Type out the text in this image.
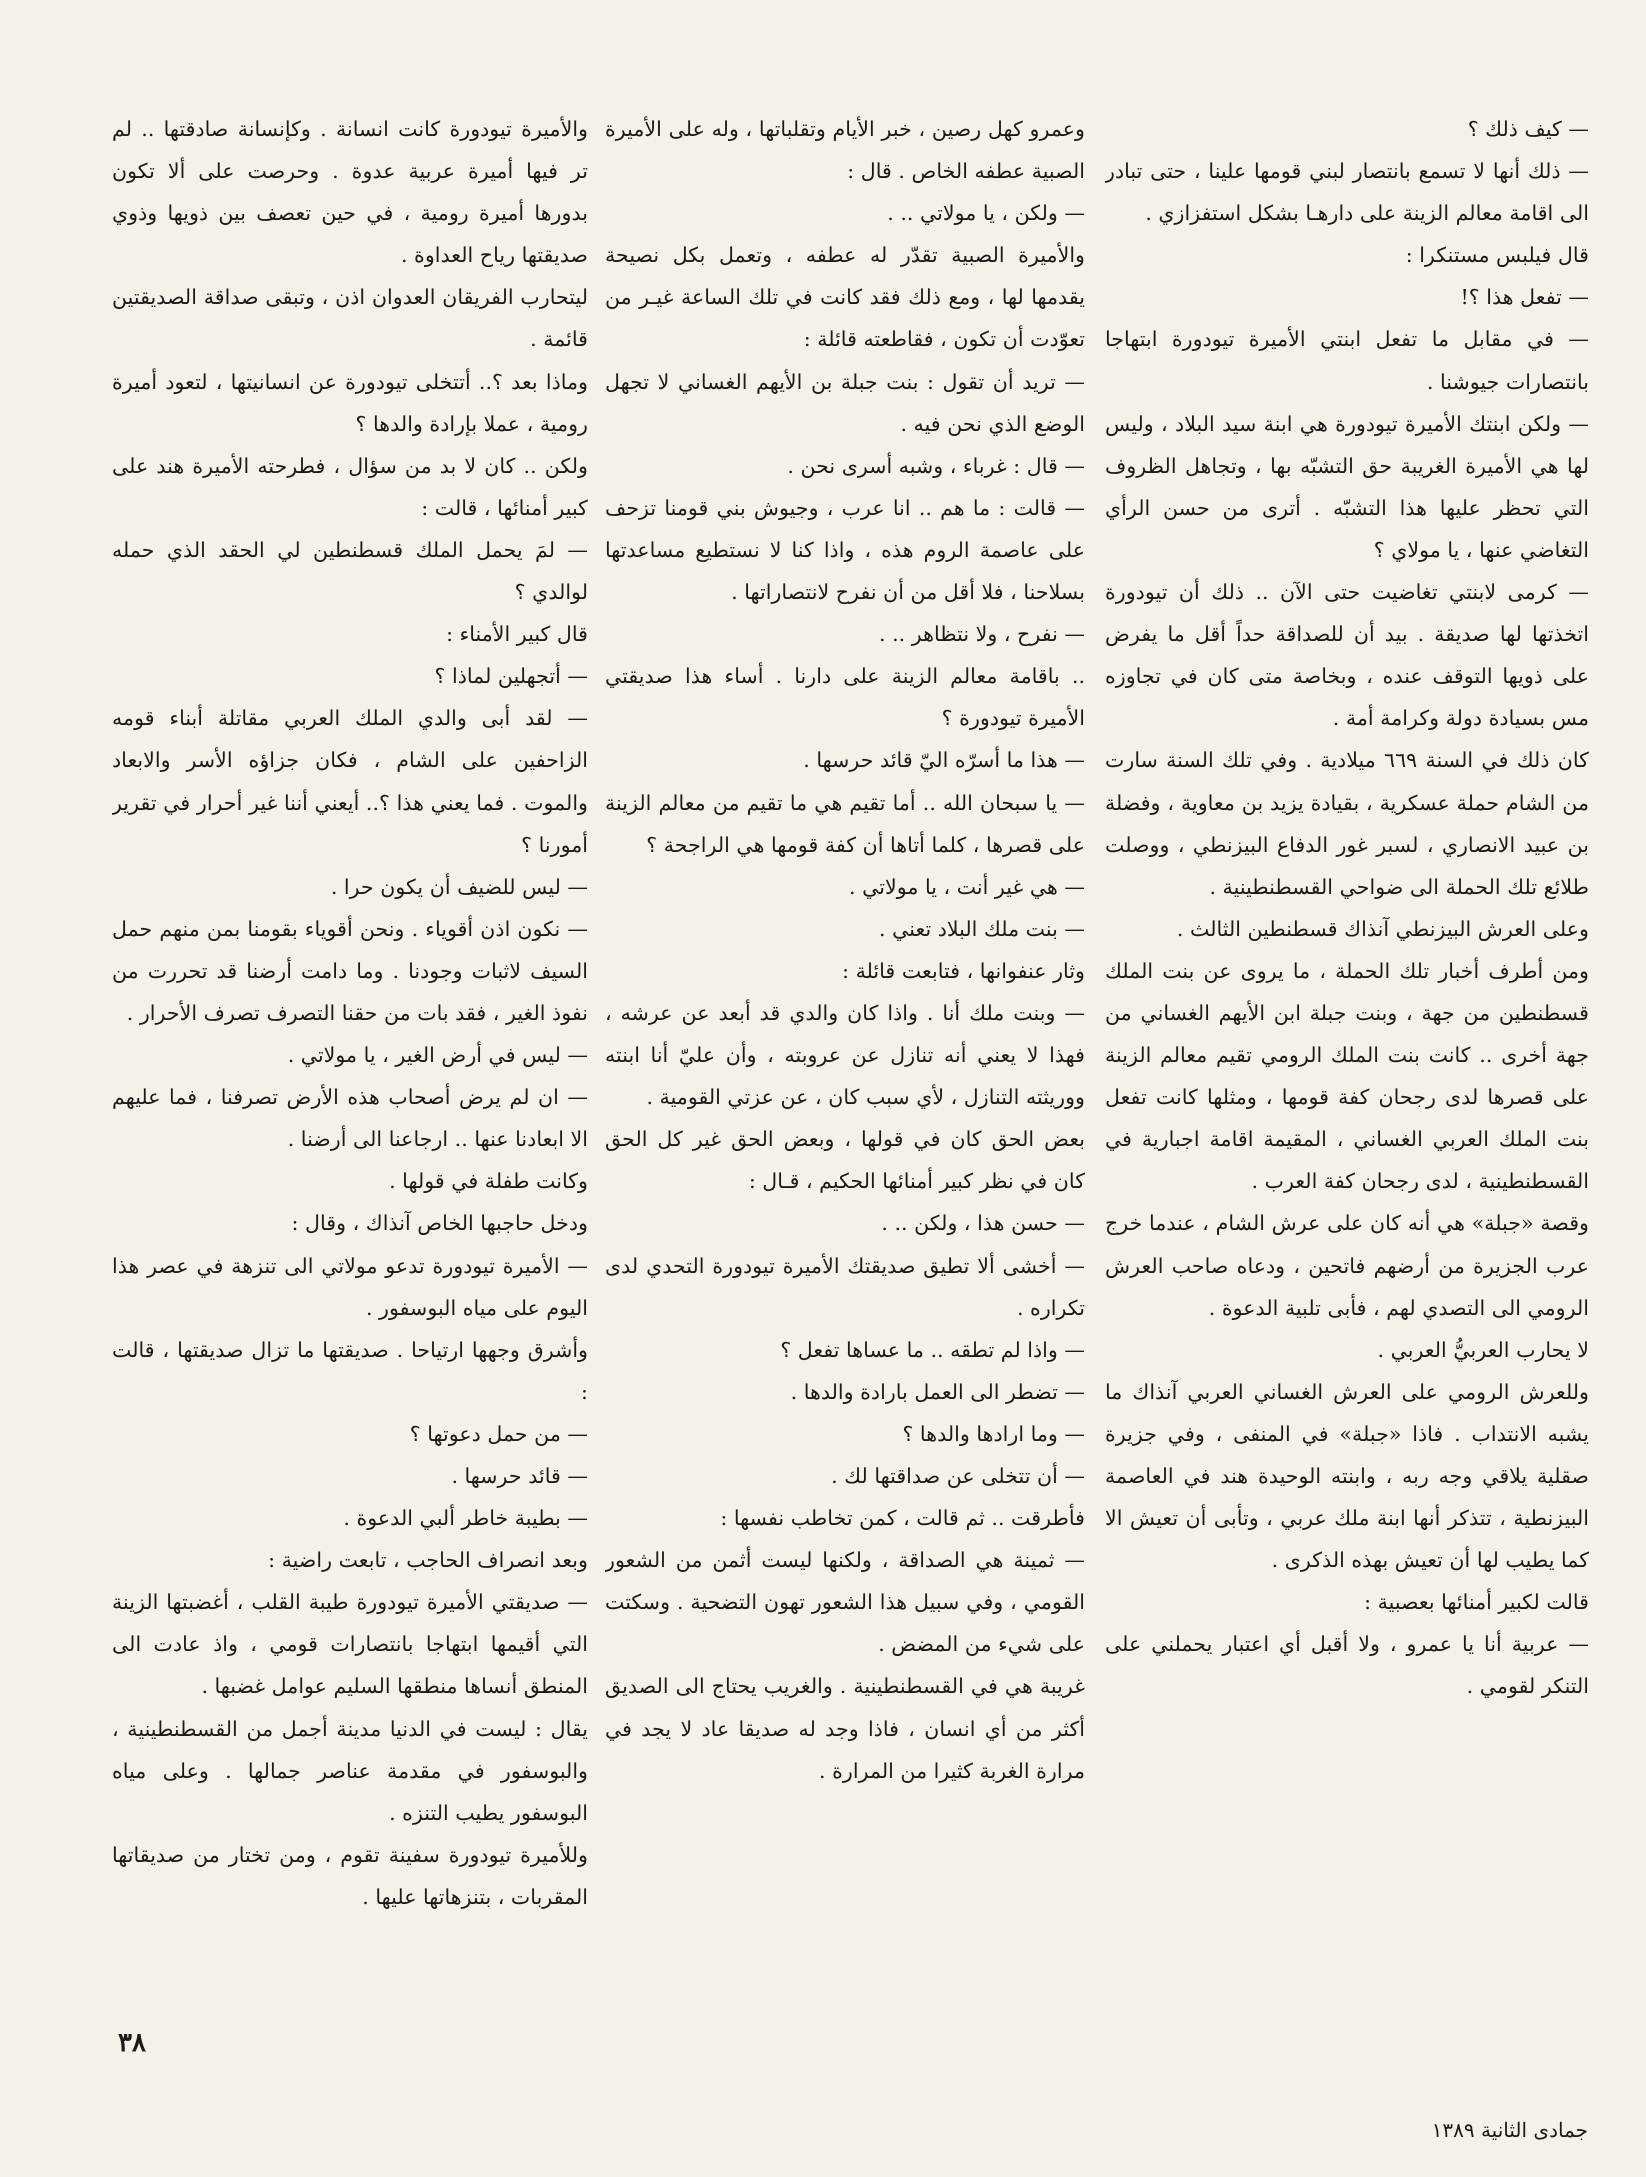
— كيف ذلك ؟

— ذلك أنها لا تسمع بانتصار لبني قومها علينا ، حتى تبادر الى اقامة معالم الزينة على دارهـا بشكل استفزازي .

قال فيلبس مستنكرا :

— تفعل هذا ؟!

— في مقابل ما تفعل ابنتي الأميرة تيودورة ابتهاجا بانتصارات جيوشنا .

— ولكن ابنتك الأميرة تيودورة هي ابنة سيد البلاد ، وليس لها هي الأميرة الغريبة حق التشبّه بها ، وتجاهل الظروف التي تحظر عليها هذا التشبّه . أترى من حسن الرأي التغاضي عنها ، يا مولاي ؟

— كرمى لابنتي تغاضيت حتى الآن .. ذلك أن تيودورة اتخذتها لها صديقة . بيد أن للصداقة حداً أقل ما يفرض على ذويها التوقف عنده ، وبخاصة متى كان في تجاوزه مس بسيادة دولة وكرامة أمة .

كان ذلك في السنة ٦٦٩ ميلادية . وفي تلك السنة سارت من الشام حملة عسكرية ، بقيادة يزيد بن معاوية ، وفضلة بن عبيد الانصاري ، لسبر غور الدفاع البيزنطي ، ووصلت طلائع تلك الحملة الى ضواحي القسطنطينية .

وعلى العرش البيزنطي آنذاك قسطنطين الثالث .

ومن أطرف أخبار تلك الحملة ، ما يروى عن بنت الملك قسطنطين من جهة ، وبنت جبلة ابن الأيهم الغساني من جهة أخرى .. كانت بنت الملك الرومي تقيم معالم الزينة على قصرها لدى رجحان كفة قومها ، ومثلها كانت تفعل بنت الملك العربي الغساني ، المقيمة اقامة اجبارية في القسطنطينية ، لدى رجحان كفة العرب .

وقصة «جبلة» هي أنه كان على عرش الشام ، عندما خرج عرب الجزيرة من أرضهم فاتحين ، ودعاه صاحب العرش الرومي الى التصدي لهم ، فأبى تلبية الدعوة .

لا يحارب العربيُّ العربي .

وللعرش الرومي على العرش الغساني العربي آنذاك ما يشبه الانتداب . فاذا «جبلة» في المنفى ، وفي جزيرة صقلية يلاقي وجه ربه ، وابنته الوحيدة هند في العاصمة البيزنطية ، تتذكر أنها ابنة ملك عربي ، وتأبى أن تعيش الا كما يطيب لها أن تعيش بهذه الذكرى .

قالت لكبير أمنائها بعصبية :

— عربية أنا يا عمرو ، ولا أقبل أي اعتبار يحملني على التنكر لقومي .

وعمرو كهل رصين ، خبر الأيام وتقلباتها ، وله على الأميرة الصبية عطفه الخاص . قال :

— ولكن ، يا مولاتي .. .

والأميرة الصبية تقدّر له عطفه ، وتعمل بكل نصيحة يقدمها لها ، ومع ذلك فقد كانت في تلك الساعة غيـر من تعوّدت أن تكون ، فقاطعته قائلة :

— تريد أن تقول : بنت جبلة بن الأيهم الغساني لا تجهل الوضع الذي نحن فيه .

— قال : غرباء ، وشبه أسرى نحن .

— قالت : ما هم .. انا عرب ، وجيوش بني قومنا تزحف على عاصمة الروم هذه ، واذا كنا لا نستطيع مساعدتها بسلاحنا ، فلا أقل من أن نفرح لانتصاراتها .

— نفرح ، ولا نتظاهر .. .

.. باقامة معالم الزينة على دارنا . أساء هذا صديقتي الأميرة تيودورة ؟

— هذا ما أسرّه اليّ قائد حرسها .

— يا سبحان الله .. أما تقيم هي ما تقيم من معالم الزينة على قصرها ، كلما أتاها أن كفة قومها هي الراجحة ؟

— هي غير أنت ، يا مولاتي .

— بنت ملك البلاد تعني .

وثار عنفوانها ، فتابعت قائلة :

— وبنت ملك أنا . واذا كان والدي قد أبعد عن عرشه ، فهذا لا يعني أنه تنازل عن عروبته ، وأن عليّ أنا ابنته ووريثته التنازل ، لأي سبب كان ، عن عزتي القومية .

بعض الحق كان في قولها ، وبعض الحق غير كل الحق كان في نظر كبير أمنائها الحكيم ، قـال :

— حسن هذا ، ولكن .. .

— أخشى ألا تطيق صديقتك الأميرة تيودورة التحدي لدى تكراره .

— واذا لم تطقه .. ما عساها تفعل ؟

— تضطر الى العمل بارادة والدها .

— وما ارادها والدها ؟

— أن تتخلى عن صداقتها لك .

فأطرقت .. ثم قالت ، كمن تخاطب نفسها :

— ثمينة هي الصداقة ، ولكنها ليست أثمن من الشعور القومي ، وفي سبيل هذا الشعور تهون التضحية . وسكتت على شيء من المضض .

غريبة هي في القسطنطينية . والغريب يحتاج الى الصديق أكثر من أي انسان ، فاذا وجد له صديقا عاد لا يجد في مرارة الغربة كثيرا من المرارة .

والأميرة تيودورة كانت انسانة . وكإنسانة صادقتها .. لم تر فيها أميرة عربية عدوة . وحرصت على ألا تكون بدورها أميرة رومية ، في حين تعصف بين ذويها وذوي صديقتها رياح العداوة .

ليتحارب الفريقان العدوان اذن ، وتبقى صداقة الصديقتين قائمة .

وماذا بعد ؟.. أتتخلى تيودورة عن انسانيتها ، لتعود أميرة رومية ، عملا بإرادة والدها ؟

ولكن .. كان لا بد من سؤال ، فطرحته الأميرة هند على كبير أمنائها ، قالت :

— لمَ يحمل الملك قسطنطين لي الحقد الذي حمله لوالدي ؟

قال كبير الأمناء :

— أتجهلين لماذا ؟

— لقد أبى والدي الملك العربي مقاتلة أبناء قومه الزاحفين على الشام ، فكان جزاؤه الأسر والابعاد والموت . فما يعني هذا ؟.. أيعني أننا غير أحرار في تقرير أمورنا ؟

— ليس للضيف أن يكون حرا .

— نكون اذن أقوياء . ونحن أقوياء بقومنا بمن منهم حمل السيف لاثبات وجودنا . وما دامت أرضنا قد تحررت من نفوذ الغير ، فقد بات من حقنا التصرف تصرف الأحرار .

— ليس في أرض الغير ، يا مولاتي .

— ان لم يرض أصحاب هذه الأرض تصرفنا ، فما عليهم الا ابعادنا عنها .. ارجاعنا الى أرضنا .

وكانت طفلة في قولها .

ودخل حاجبها الخاص آنذاك ، وقال :

— الأميرة تيودورة تدعو مولاتي الى تنزهة في عصر هذا اليوم على مياه البوسفور .

وأشرق وجهها ارتياحا . صديقتها ما تزال صديقتها ، قالت :

— من حمل دعوتها ؟

— قائد حرسها .

— بطيبة خاطر ألبي الدعوة .

وبعد انصراف الحاجب ، تابعت راضية :

— صديقتي الأميرة تيودورة طيبة القلب ، أغضبتها الزينة التي أقيمها ابتهاجا بانتصارات قومي ، واذ عادت الى المنطق أنساها منطقها السليم عوامل غضبها .

يقال : ليست في الدنيا مدينة أجمل من القسطنطينية ، والبوسفور في مقدمة عناصر جمالها . وعلى مياه البوسفور يطيب التنزه .

وللأميرة تيودورة سفينة تقوم ، ومن تختار من صديقاتها المقربات ، بتنزهاتها عليها .

٣٨
جمادى الثانية ١٣٨٩
